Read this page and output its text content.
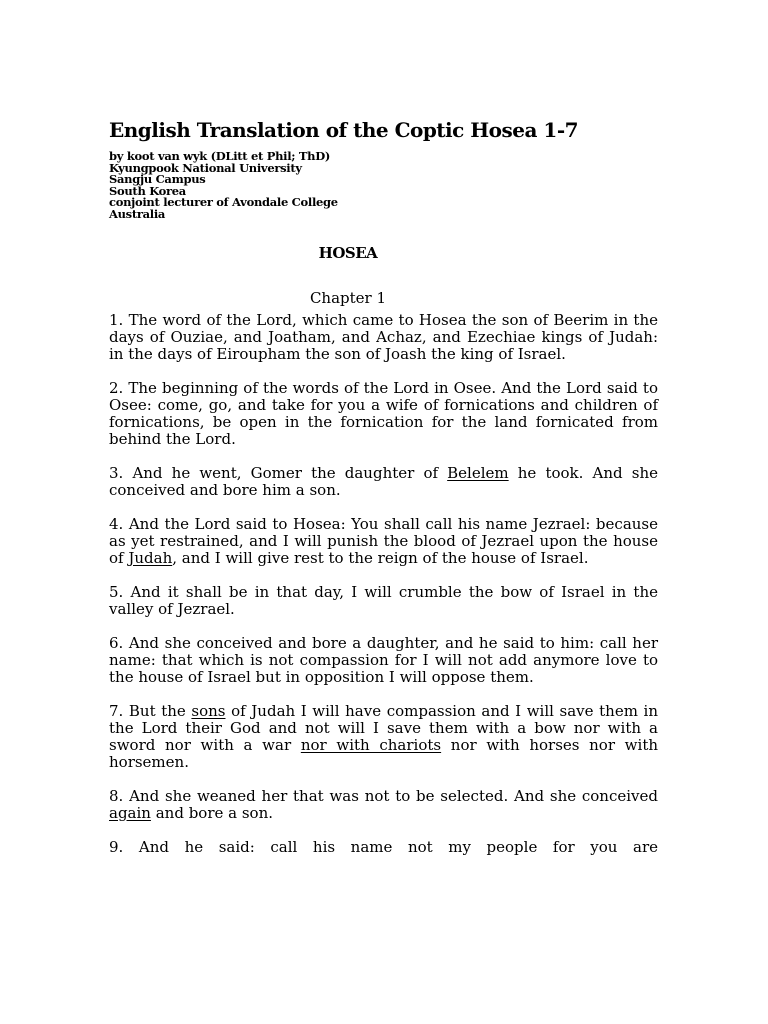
English Translation of the Coptic Hosea 1-7
by koot van wyk (DLitt et Phil; ThD)
Kyungpook National University
Sangju Campus
South Korea
conjoint lecturer of Avondale College
Australia
HOSEA
Chapter 1

1. The word of the Lord, which came to Hosea the son of Beerim in the days of Ouziae, and Joatham, and Achaz, and Ezechiae kings of Judah: in the days of Eiroupham the son of Joash the king of Israel.

2. The beginning of the words of the Lord in Osee. And the Lord said to Osee: come, go, and take for you a wife of fornications and children of fornications, be open in the fornication for the land fornicated from behind the Lord.

3. And he went, Gomer the daughter of Belelem he took. And she conceived and bore him a son.

4. And the Lord said to Hosea: You shall call his name Jezrael: because as yet restrained, and I will punish the blood of Jezrael upon the house of Judah, and I will give rest to the reign of the house of Israel.

5. And it shall be in that day, I will crumble the bow of Israel in the valley of Jezrael.

6. And she conceived and bore a daughter, and he said to him: call her name: that which is not compassion for I will not add anymore love to the house of Israel but in opposition I will oppose them.

7. But the sons of Judah I will have compassion and I will save them in the Lord their God and not will I save them with a bow nor with a sword nor with a war nor with chariots nor with horses nor with horsemen.

8. And she weaned her that was not to be selected. And she conceived again and bore a son.

9. And he said: call his name not my people for you are
